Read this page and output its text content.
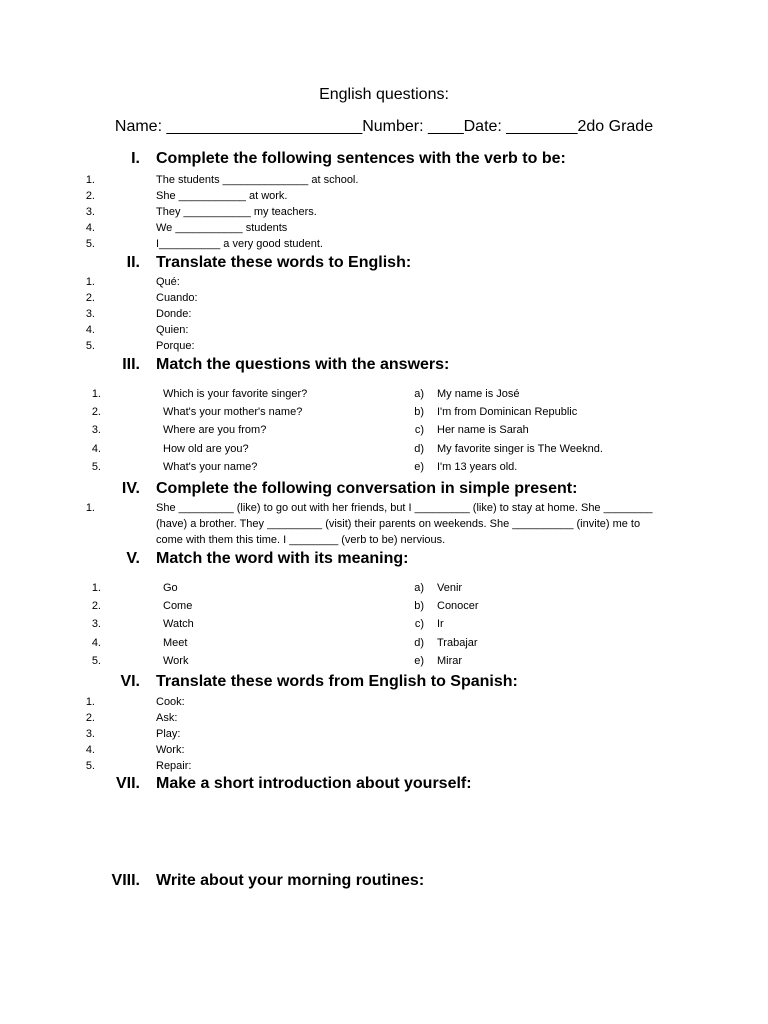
English questions:
Name: ______________________Number: ____Date: ________2do Grade
I. Complete the following sentences with the verb to be:
1.	The students ______________ at school.
2.	She ___________ at work.
3.	They ___________ my teachers.
4.	We ___________ students
5.	I__________ a very good student.
II. Translate these words to English:
1.	Qué:
2.	Cuando:
3.	Donde:
4.	Quien:
5.	Porque:
III. Match the questions with the answers:
1.	Which is your favorite singer?	a) My name is José
2.	What's your mother's name?	b) I'm from Dominican Republic
3.	Where are you from?	c) Her name is Sarah
4.	How old are you?	d) My favorite singer is The Weeknd.
5.	What's your name?	e) I'm 13 years old.
IV. Complete the following conversation in simple present:
1.	She _________ (like) to go out with her friends, but I _________ (like) to stay at home. She ________ (have) a brother. They _________ (visit) their parents on weekends. She __________ (invite) me to come with them this time. I ________ (verb to be) nervious.
V. Match the word with its meaning:
1.	Go	a) Venir
2.	Come	b) Conocer
3.	Watch	c) Ir
4.	Meet	d) Trabajar
5.	Work	e) Mirar
VI. Translate these words from English to Spanish:
1.	Cook:
2.	Ask:
3.	Play:
4.	Work:
5.	Repair:
VII. Make a short introduction about yourself:
VIII. Write about your morning routines:
